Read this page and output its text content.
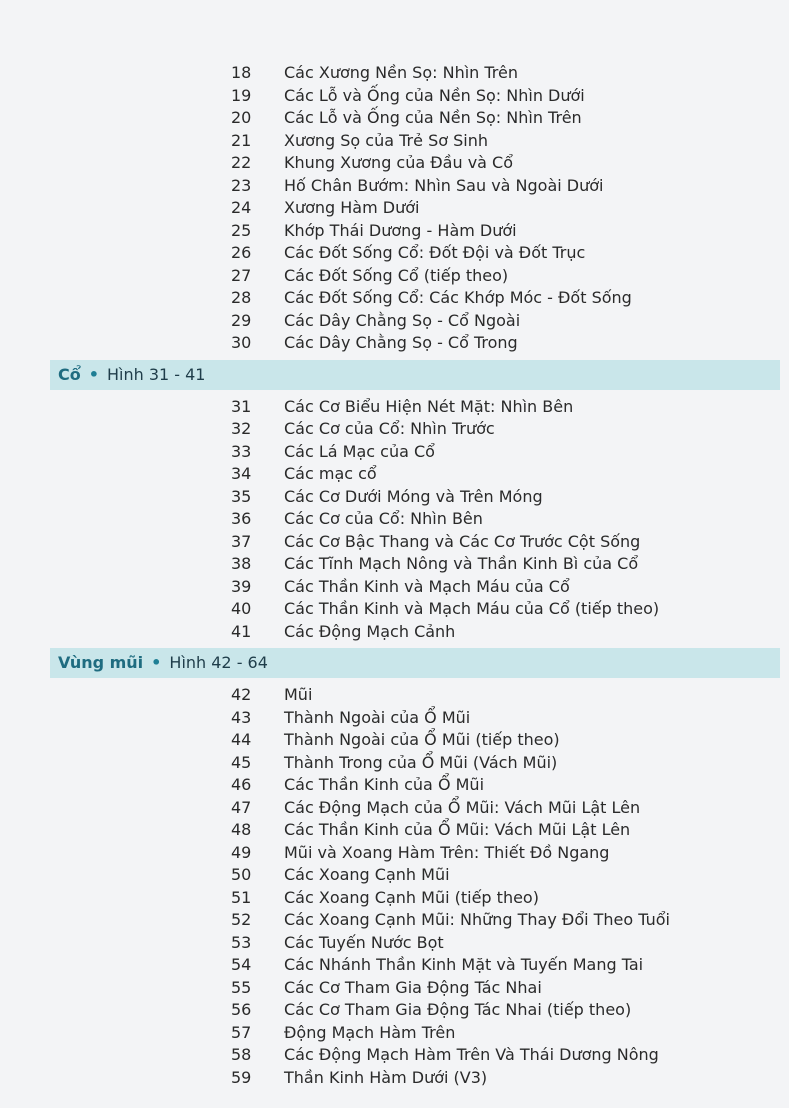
18	Các Xương Nền Sọ: Nhìn Trên
19	Các Lỗ và Ống của Nền Sọ: Nhìn Dưới
20	Các Lỗ và Ống của Nền Sọ: Nhìn Trên
21	Xương Sọ của Trẻ Sơ Sinh
22	Khung Xương của Đầu và Cổ
23	Hố Chân Bướm: Nhìn Sau và Ngoài Dưới
24	Xương Hàm Dưới
25	Khớp Thái Dương - Hàm Dưới
26	Các Đốt Sống Cổ: Đốt Đội và Đốt Trục
27	Các Đốt Sống Cổ (tiếp theo)
28	Các Đốt Sống Cổ: Các Khớp Móc - Đốt Sống
29	Các Dây Chằng Sọ - Cổ Ngoài
30	Các Dây Chằng Sọ - Cổ Trong
Cổ • Hình 31 - 41
31	Các Cơ Biểu Hiện Nét Mặt: Nhìn Bên
32	Các Cơ của Cổ: Nhìn Trước
33	Các Lá Mạc của Cổ
34	Các mạc cổ
35	Các Cơ Dưới Móng và Trên Móng
36	Các Cơ của Cổ: Nhìn Bên
37	Các Cơ Bậc Thang và Các Cơ Trước Cột Sống
38	Các Tĩnh Mạch Nông và Thần Kinh Bì của Cổ
39	Các Thần Kinh và Mạch Máu của Cổ
40	Các Thần Kinh và Mạch Máu của Cổ (tiếp theo)
41	Các Động Mạch Cảnh
Vùng mũi • Hình 42 - 64
42	Mũi
43	Thành Ngoài của Ổ Mũi
44	Thành Ngoài của Ổ Mũi (tiếp theo)
45	Thành Trong của Ổ Mũi (Vách Mũi)
46	Các Thần Kinh của Ổ Mũi
47	Các Động Mạch của Ổ Mũi: Vách Mũi Lật Lên
48	Các Thần Kinh của Ổ Mũi: Vách Mũi Lật Lên
49	Mũi và Xoang Hàm Trên: Thiết Đồ Ngang
50	Các Xoang Cạnh Mũi
51	Các Xoang Cạnh Mũi (tiếp theo)
52	Các Xoang Cạnh Mũi: Những Thay Đổi Theo Tuổi
53	Các Tuyến Nước Bọt
54	Các Nhánh Thần Kinh Mặt và Tuyến Mang Tai
55	Các Cơ Tham Gia Động Tác Nhai
56	Các Cơ Tham Gia Động Tác Nhai (tiếp theo)
57	Động Mạch Hàm Trên
58	Các Động Mạch Hàm Trên Và Thái Dương Nông
59	Thần Kinh Hàm Dưới (V3)
